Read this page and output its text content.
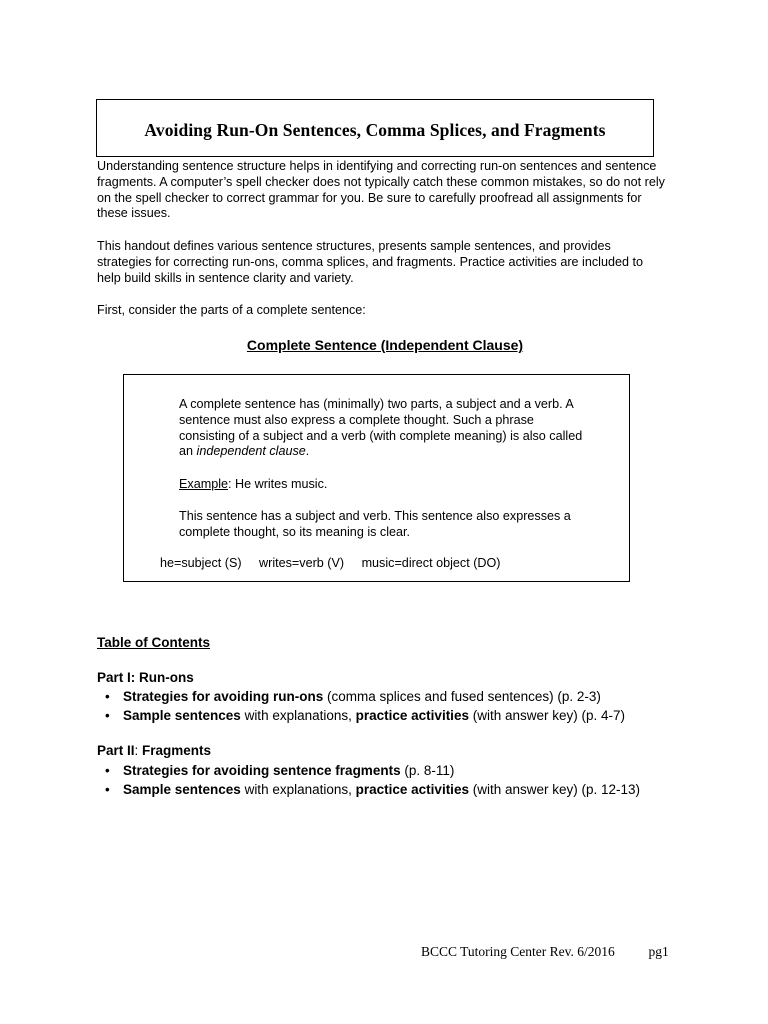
Avoiding Run-On Sentences, Comma Splices, and Fragments

Understanding sentence structure helps in identifying and correcting run-on sentences and sentence fragments. A computer’s spell checker does not typically catch these common mistakes, so do not rely on the spell checker to correct grammar for you. Be sure to carefully proofread all assignments for these issues.

This handout defines various sentence structures, presents sample sentences, and provides strategies for correcting run-ons, comma splices, and fragments. Practice activities are included to help build skills in sentence clarity and variety.

First, consider the parts of a complete sentence:

Complete Sentence (Independent Clause)

A complete sentence has (minimally) two parts, a subject and a verb. A sentence must also express a complete thought. Such a phrase consisting of a subject and a verb (with complete meaning) is also called an independent clause.

Example: He writes music.

This sentence has a subject and verb. This sentence also expresses a complete thought, so its meaning is clear.

he=subject (S)     writes=verb (V)     music=direct object (DO)

Table of Contents

Part I: Run-ons

• Strategies for avoiding run-ons (comma splices and fused sentences) (p. 2-3)
• Sample sentences with explanations, practice activities (with answer key) (p. 4-7)

Part II: Fragments

• Strategies for avoiding sentence fragments (p. 8-11)
• Sample sentences with explanations, practice activities (with answer key) (p. 12-13)

BCCC Tutoring Center Rev. 6/2016          pg1
